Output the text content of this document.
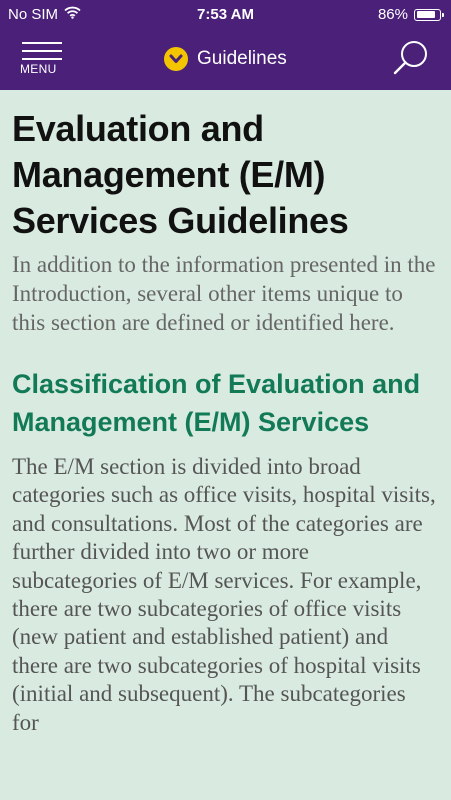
No SIM	7:53 AM	86%
MENU	Guidelines
Evaluation and Management (E/M) Services Guidelines

In addition to the information presented in the Introduction, several other items unique to this section are defined or identified here.

Classification of Evaluation and Management (E/M) Services

The E/M section is divided into broad categories such as office visits, hospital visits, and consultations. Most of the categories are further divided into two or more subcategories of E/M services. For example, there are two subcategories of office visits (new patient and established patient) and there are two subcategories of hospital visits (initial and subsequent). The subcategories for
